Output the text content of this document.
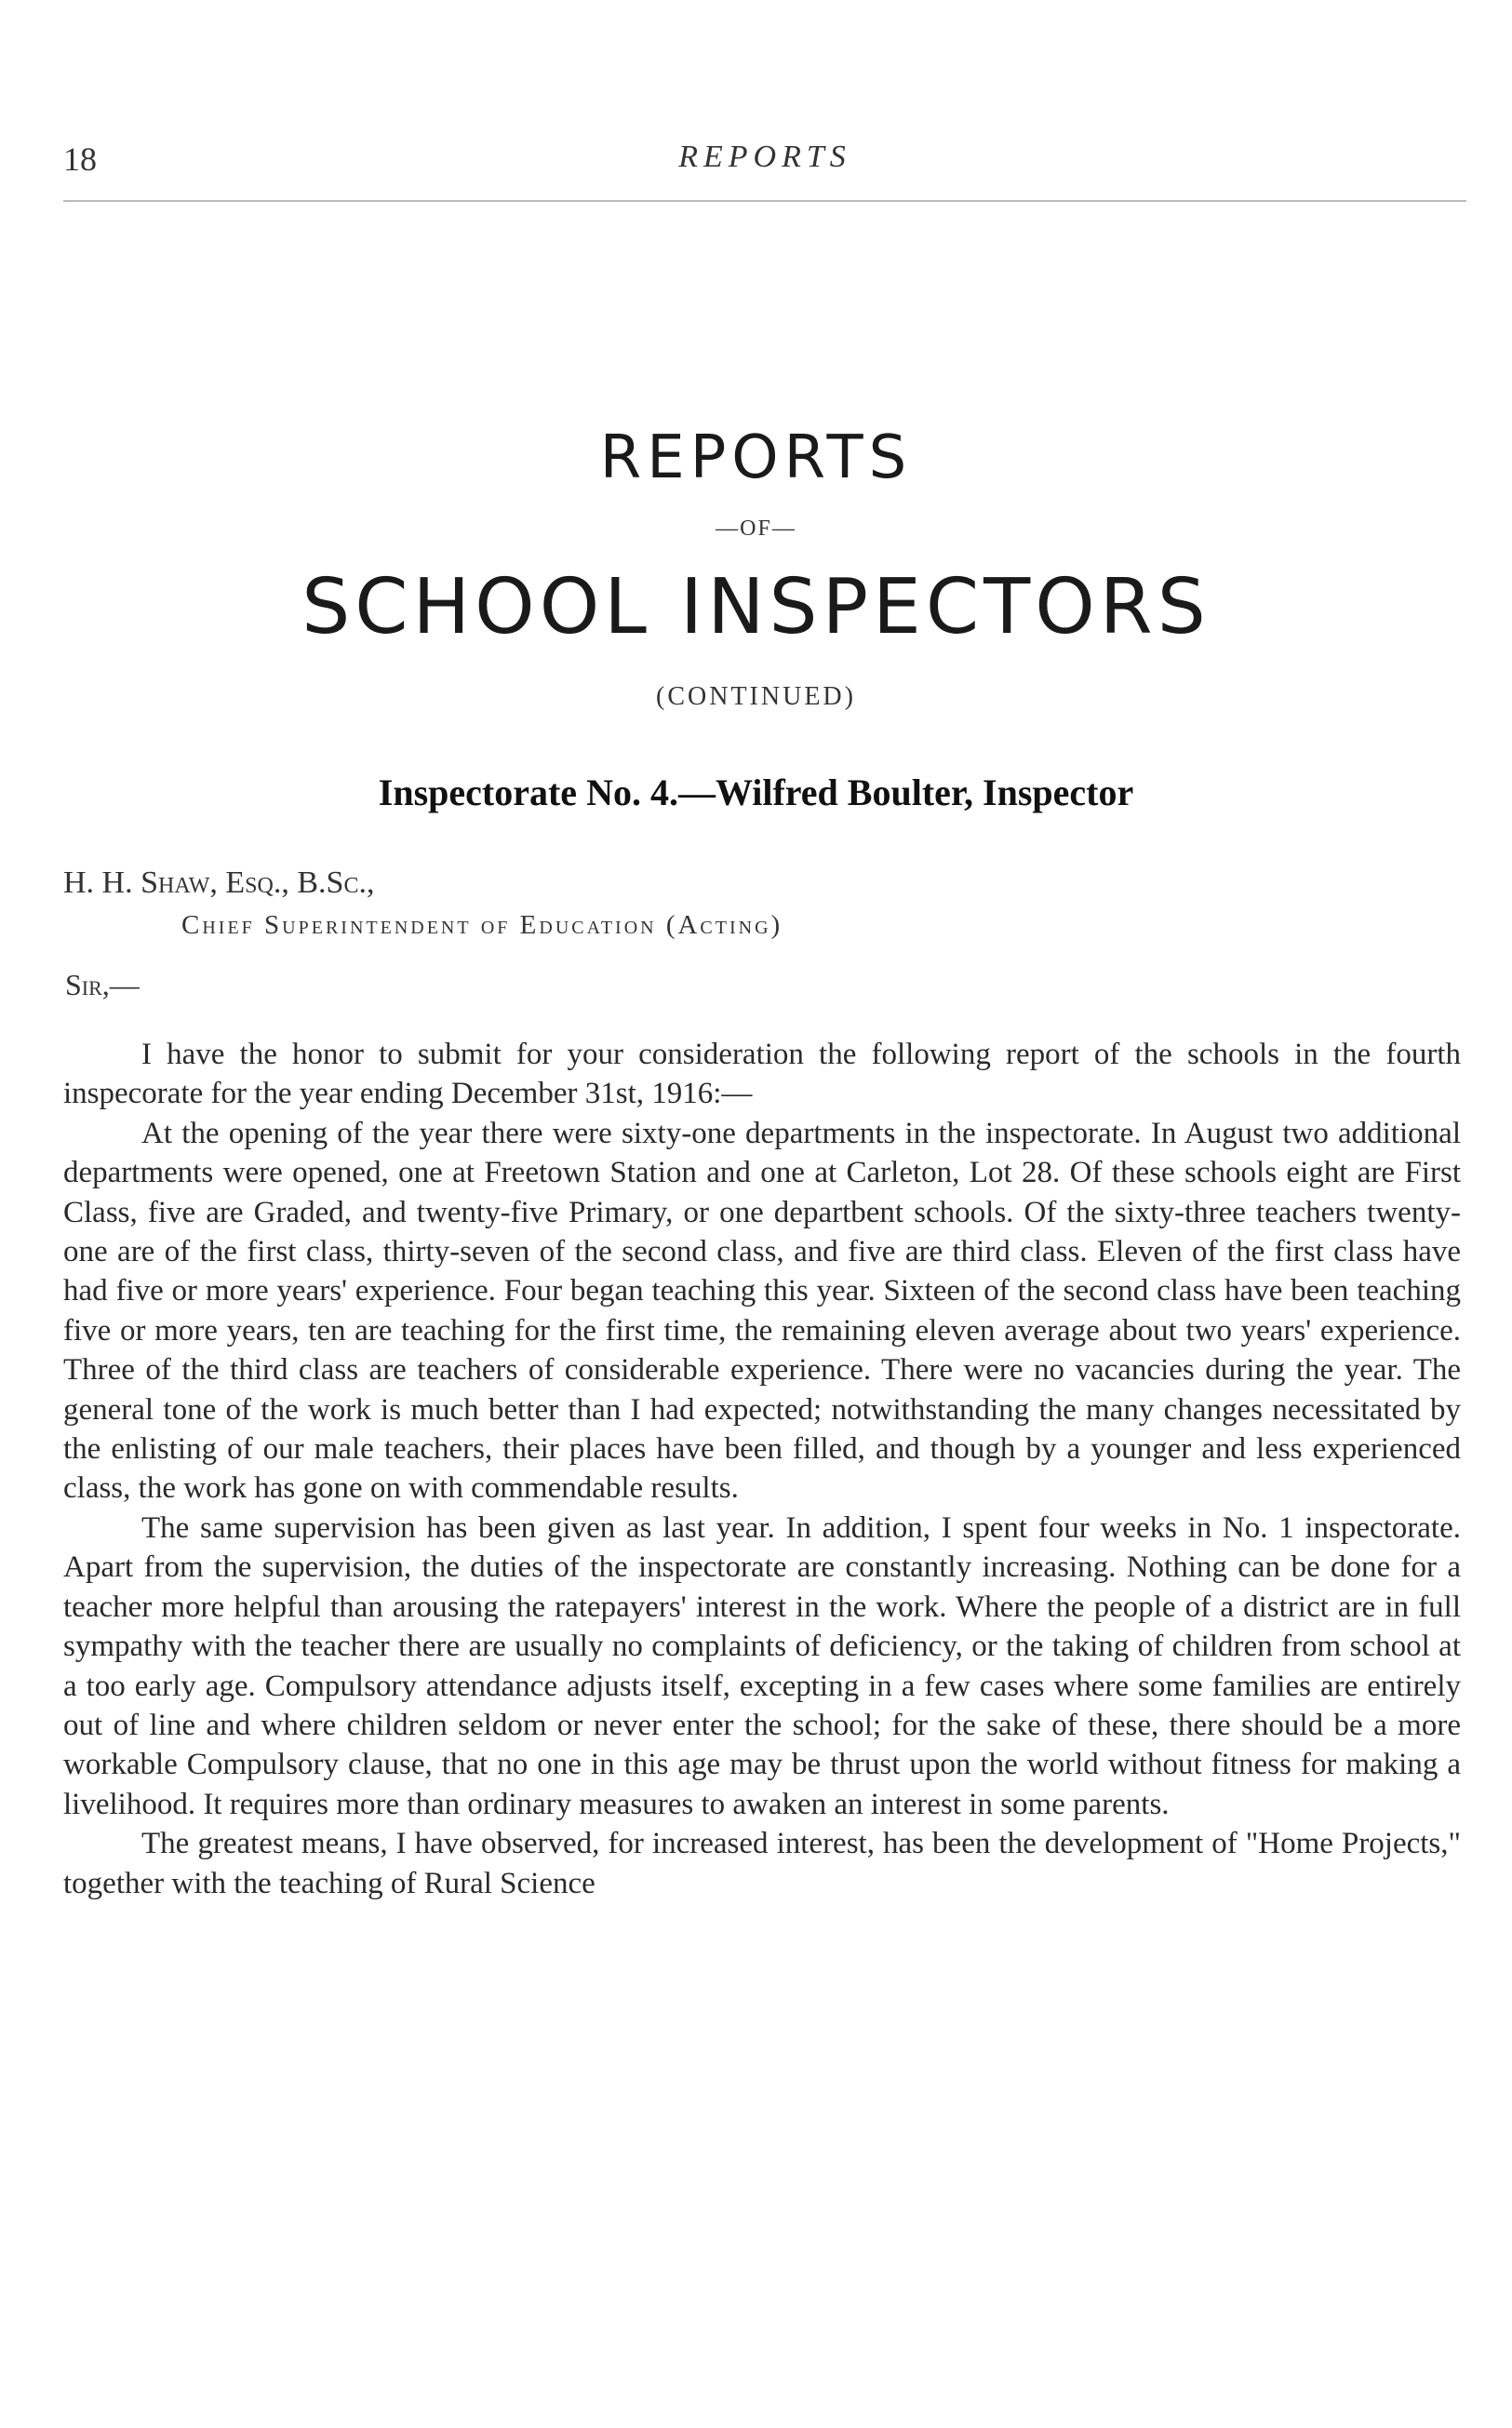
18	REPORTS
REPORTS
—OF—
SCHOOL INSPECTORS
(CONTINUED)
Inspectorate No. 4.—Wilfred Boulter, Inspector
H. H. Shaw, Esq., B.Sc.,
Chief Superintendent of Education (Acting)
Sir,—

I have the honor to submit for your consideration the following report of the schools in the fourth inspecorate for the year ending December 31st, 1916:—

At the opening of the year there were sixty-one departments in the inspectorate. In August two additional departments were opened, one at Freetown Station and one at Carleton, Lot 28. Of these schools eight are First Class, five are Graded, and twenty-five Primary, or one departbent schools. Of the sixty-three teachers twenty-one are of the first class, thirty-seven of the second class, and five are third class. Eleven of the first class have had five or more years' experience. Four began teaching this year. Sixteen of the second class have been teaching five or more years, ten are teaching for the first time, the remaining eleven average about two years' experience. Three of the third class are teachers of considerable experience. There were no vacancies during the year. The general tone of the work is much better than I had expected; notwithstanding the many changes necessitated by the enlisting of our male teachers, their places have been filled, and though by a younger and less experienced class, the work has gone on with commendable results.

The same supervision has been given as last year. In addition, I spent four weeks in No. 1 inspectorate. Apart from the supervision, the duties of the inspectorate are constantly increasing. Nothing can be done for a teacher more helpful than arousing the ratepayers' interest in the work. Where the people of a district are in full sympathy with the teacher there are usually no complaints of deficiency, or the taking of children from school at a too early age. Compulsory attendance adjusts itself, excepting in a few cases where some families are entirely out of line and where children seldom or never enter the school; for the sake of these, there should be a more workable Compulsory clause, that no one in this age may be thrust upon the world without fitness for making a livelihood. It requires more than ordinary measures to awaken an interest in some parents.

The greatest means, I have observed, for increased interest, has been the development of "Home Projects," together with the teaching of Rural Science
